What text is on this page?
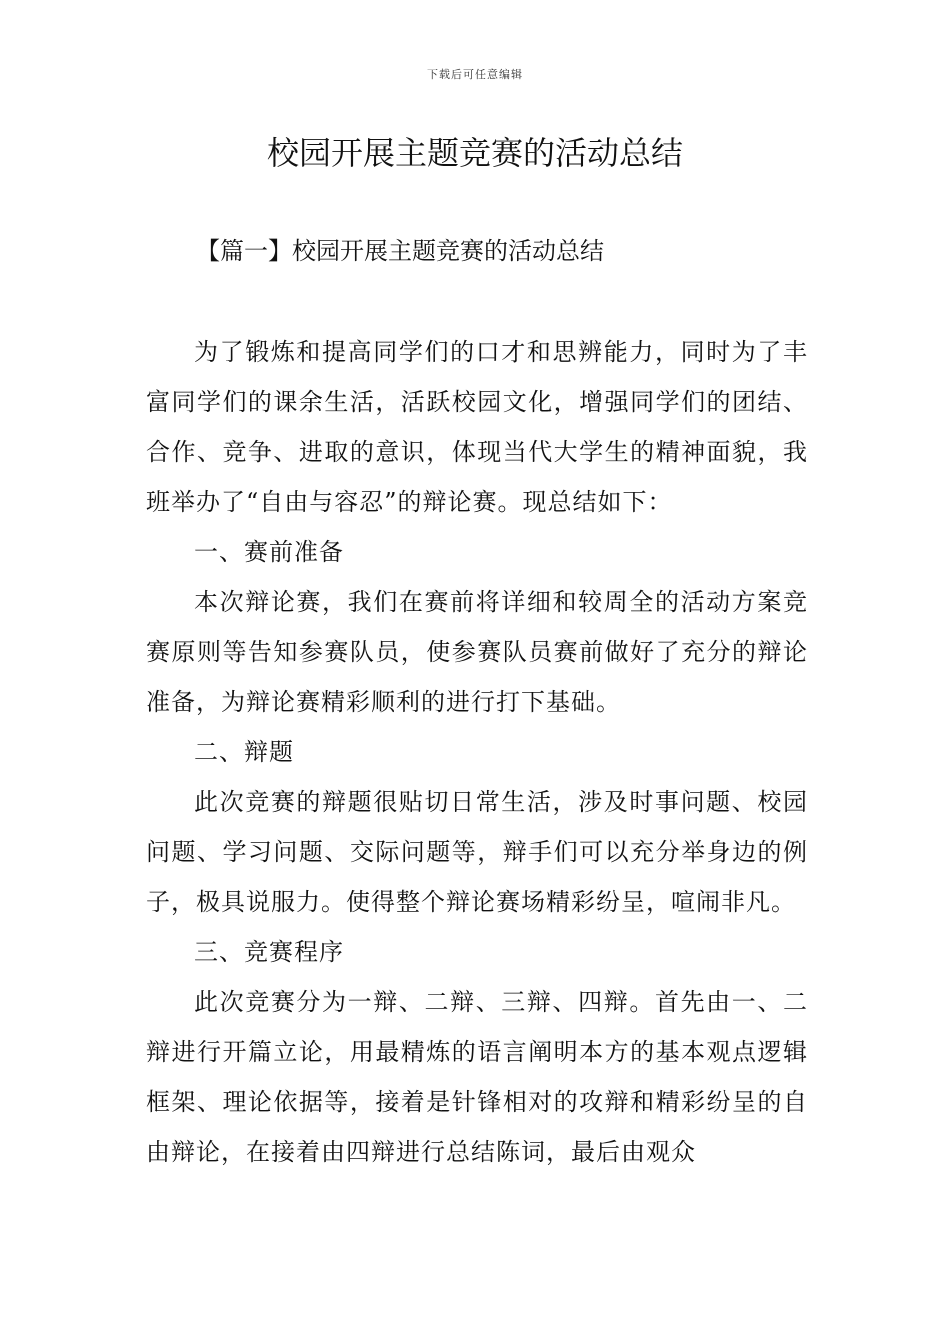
下载后可任意编辑
校园开展主题竞赛的活动总结
【篇一】校园开展主题竞赛的活动总结

为了锻炼和提高同学们的口才和思辨能力，同时为了丰富同学们的课余生活，活跃校园文化，增强同学们的团结、合作、竞争、进取的意识，体现当代大学生的精神面貌，我班举办了“自由与容忍”的辩论赛。现总结如下：

一、赛前准备

本次辩论赛，我们在赛前将详细和较周全的活动方案竞赛原则等告知参赛队员，使参赛队员赛前做好了充分的辩论准备，为辩论赛精彩顺利的进行打下基础。

二、辩题

此次竞赛的辩题很贴切日常生活，涉及时事问题、校园问题、学习问题、交际问题等，辩手们可以充分举身边的例子，极具说服力。使得整个辩论赛场精彩纷呈，喧闹非凡。

三、竞赛程序

此次竞赛分为一辩、二辩、三辩、四辩。首先由一、二辩进行开篇立论，用最精炼的语言阐明本方的基本观点逻辑框架、理论依据等，接着是针锋相对的攻辩和精彩纷呈的自由辩论，在接着由四辩进行总结陈词，最后由观众
